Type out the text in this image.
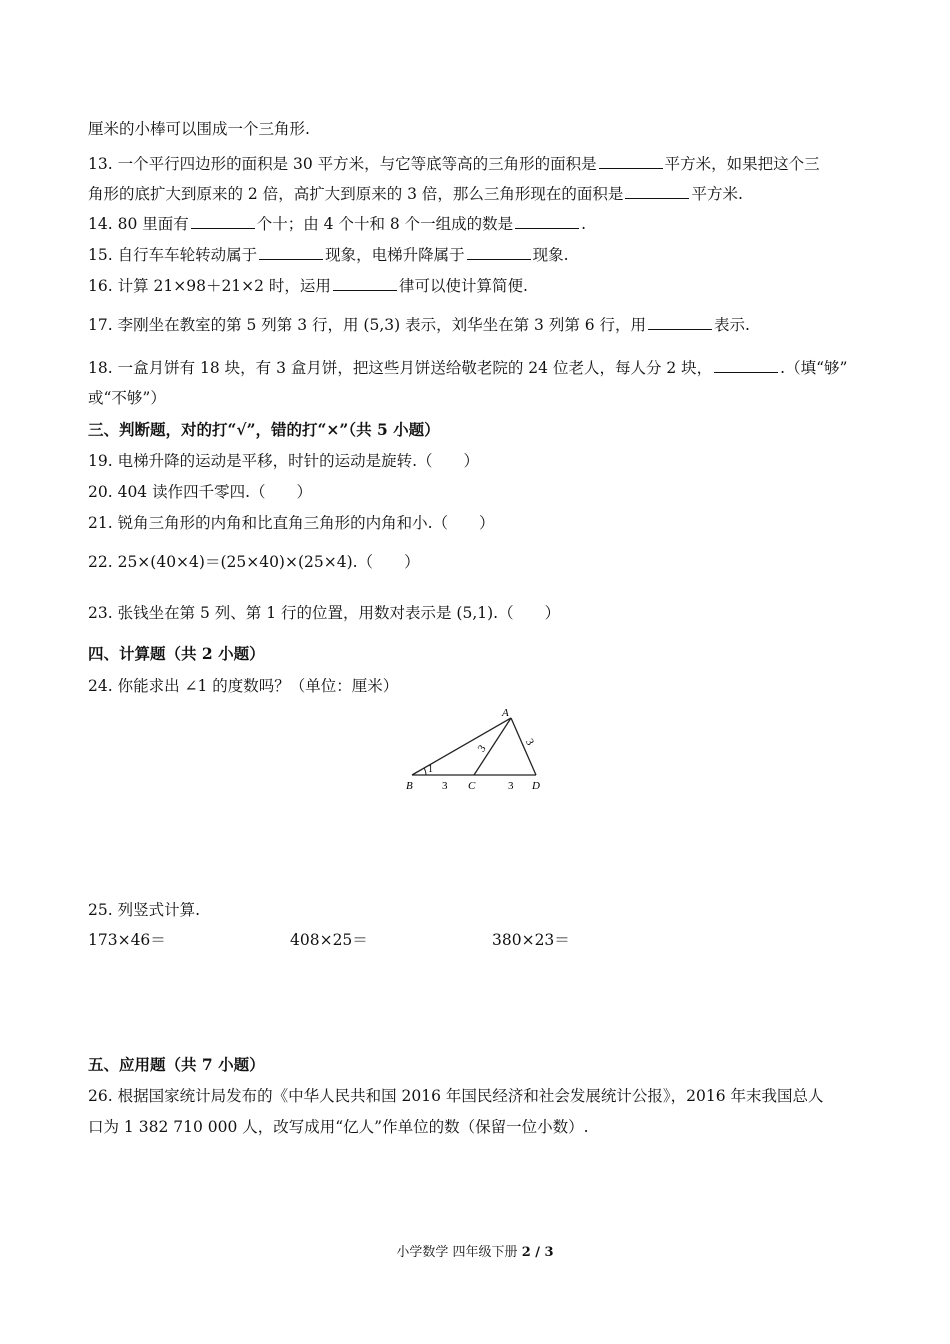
厘米的小棒可以围成一个三角形.
13. 一个平行四边形的面积是 30 平方米，与它等底等高的三角形的面积是	平方米，如果把这个三
角形的底扩大到原来的 2 倍，高扩大到原来的 3 倍，那么三角形现在的面积是	平方米.
14. 80 里面有	个十；由 4 个十和 8 个一组成的数是	.
15. 自行车车轮转动属于	现象，电梯升降属于	现象.
16. 计算 21×98＋21×2 时，运用	律可以使计算简便.
17. 李刚坐在教室的第 5 列第 3 行，用 (5,3) 表示，刘华坐在第 3 列第 6 行，用	表示.
18. 一盒月饼有 18 块，有 3 盒月饼，把这些月饼送给敬老院的 24 位老人，每人分 2 块，	.（填“够”
或“不够”）
三、判断题，对的打“√”，错的打“×”（共 5 小题）
19. 电梯升降的运动是平移，时针的运动是旋转.（　　）
20. 404 读作四千零四.（　　）
21. 锐角三角形的内角和比直角三角形的内角和小.（　　）
22. 25×(40×4)＝(25×40)×(25×4).（　　）
23. 张钱坐在第 5 列、第 1 行的位置，用数对表示是 (5,1).（　　）
四、计算题（共 2 小题）
24. 你能求出 ∠1 的度数吗？（单位：厘米）
1
A
B	C	D
3	3
3
3
25. 列竖式计算.
173×46＝	408×25＝	380×23＝
五、应用题（共 7 小题）
26. 根据国家统计局发布的《中华人民共和国 2016 年国民经济和社会发展统计公报》，2016 年末我国总人
口为 1 382 710 000 人，改写成用“亿人”作单位的数（保留一位小数）.
小学数学 四年级下册 2 / 3
